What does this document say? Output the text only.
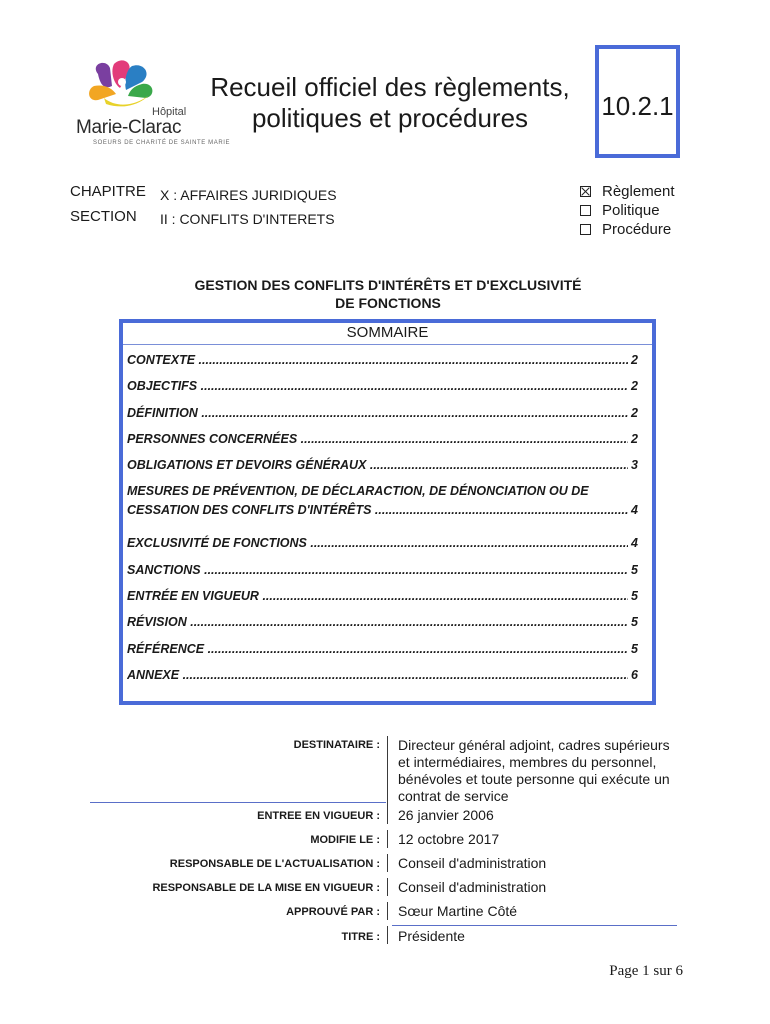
Hôpital
Marie-Clarac
SOEURS DE CHARITÉ DE SAINTE MARIE
Recueil officiel des règlements, politiques et procédures	10.2.1
CHAPITRE X : AFFAIRES JURIDIQUES
SECTION II : CONFLITS D'INTERETS
Règlement
Politique
Procédure
GESTION DES CONFLITS D'INTÉRÊTS ET D'EXCLUSIVITÉ
DE FONCTIONS
SOMMAIRE
CONTEXTE .....	2
OBJECTIFS .....	2
DÉFINITION .....	2
PERSONNES CONCERNÉES .....	2
OBLIGATIONS ET DEVOIRS GÉNÉRAUX .....	3
MESURES DE PRÉVENTION, DE DÉCLARACTION, DE DÉNONCIATION OU DE
CESSATION DES CONFLITS D'INTÉRÊTS .....	4
EXCLUSIVITÉ DE FONCTIONS .....	4
SANCTIONS .....	5
ENTRÉE EN VIGUEUR .....	5
RÉVISION .....	5
RÉFÉRENCE .....	5
ANNEXE .....	6
DESTINATAIRE : Directeur général adjoint, cadres supérieurs et intermédiaires, membres du personnel, bénévoles et toute personne qui exécute un contrat de service
ENTREE EN VIGUEUR : 26 janvier 2006
MODIFIE LE : 12 octobre 2017
RESPONSABLE DE L'ACTUALISATION : Conseil d'administration
RESPONSABLE DE LA MISE EN VIGUEUR : Conseil d'administration
APPROUVÉ PAR : Sœur Martine Côté
TITRE : Présidente
Page 1 sur 6
